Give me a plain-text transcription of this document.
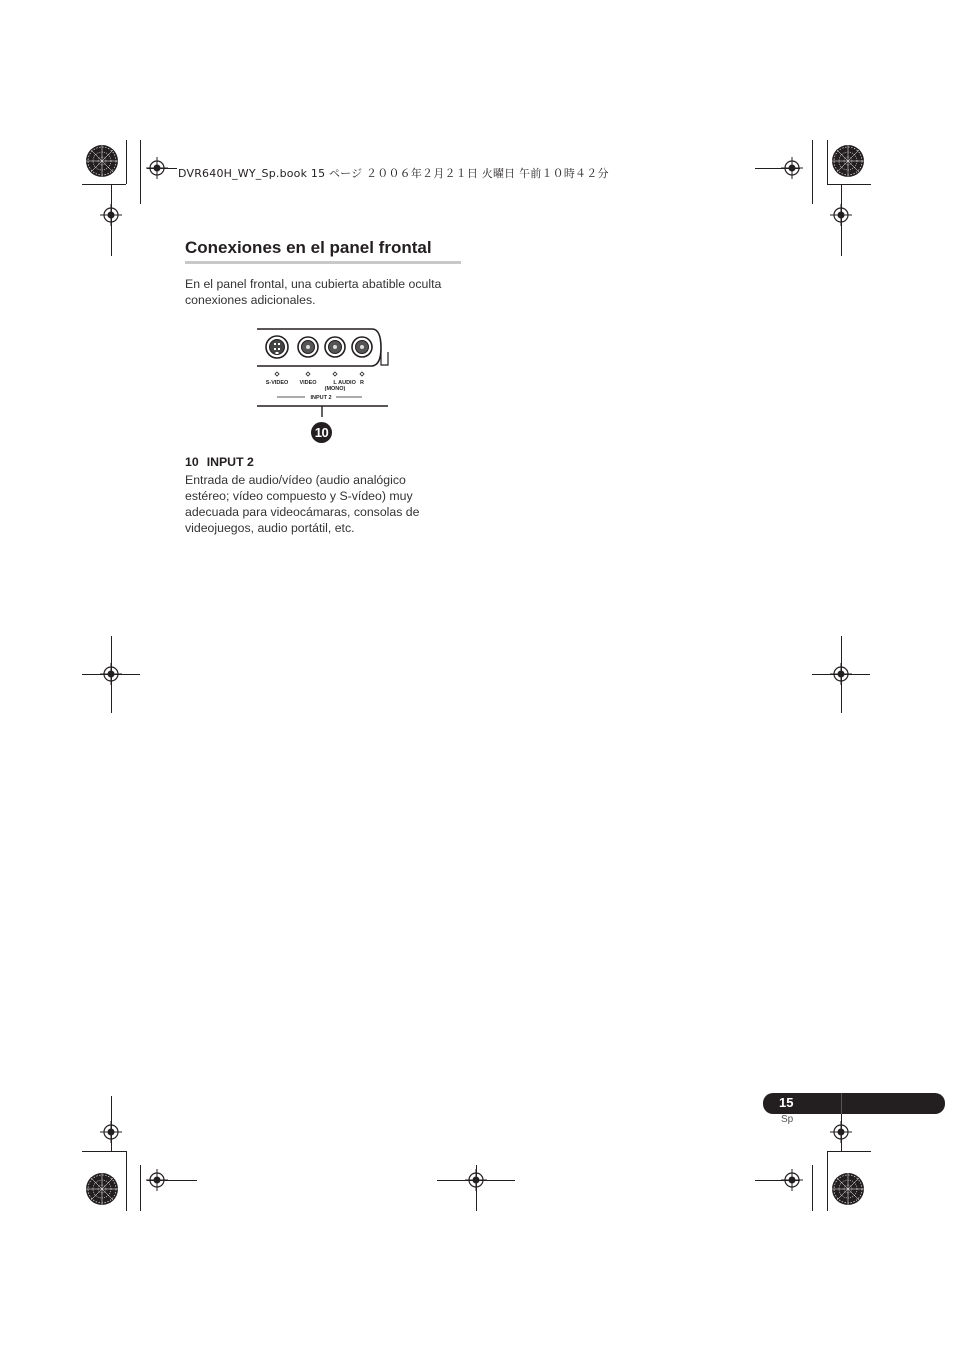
DVR640H_WY_Sp.book 15 ページ ２００６年２月２１日 火曜日 午前１０時４２分
Conexiones en el panel frontal
En el panel frontal, una cubierta abatible oculta conexiones adicionales.
S-VIDEO VIDEO	L AUDIO R
(MONO)
INPUT 2
10
10 INPUT 2
Entrada de audio/vídeo (audio analógico estéreo; vídeo compuesto y S-vídeo) muy adecuada para videocámaras, consolas de videojuegos, audio portátil, etc.
15
Sp
